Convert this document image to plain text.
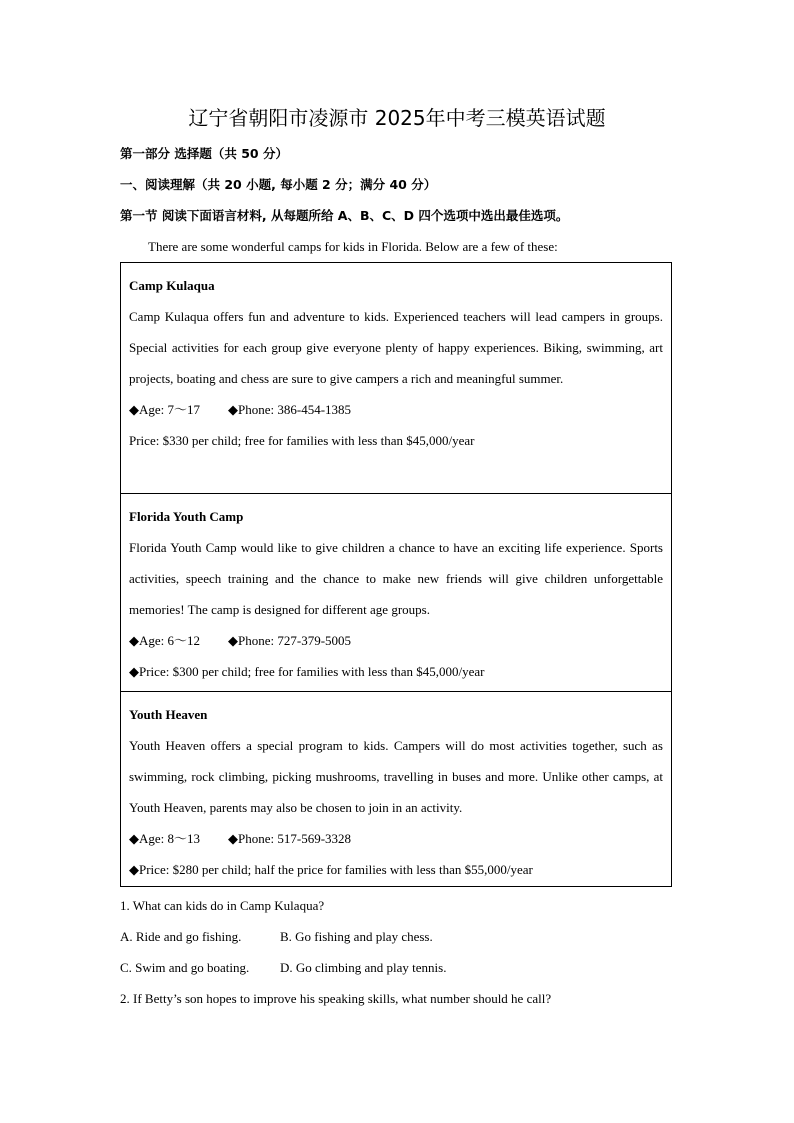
辽宁省朝阳市凌源市 2025年中考三模英语试题
第一部分 选择题（共 50 分）
一、阅读理解（共 20 小题, 每小题 2 分；满分 40 分）
第一节 阅读下面语言材料, 从每题所给 A、B、C、D 四个选项中选出最佳选项。
There are some wonderful camps for kids in Florida. Below are a few of these:
Camp Kulaqua
Camp Kulaqua offers fun and adventure to kids. Experienced teachers will lead campers in groups. Special activities for each group give everyone plenty of happy experiences. Biking, swimming, art projects, boating and chess are sure to give campers a rich and meaningful summer.
◆Age: 7～17 ◆Phone: 386-454-1385
Price: $330 per child; free for families with less than $45,000/year
Florida Youth Camp
Florida Youth Camp would like to give children a chance to have an exciting life experience. Sports activities, speech training and the chance to make new friends will give children unforgettable memories! The camp is designed for different age groups.
◆Age: 6～12 ◆Phone: 727-379-5005
◆Price: $300 per child; free for families with less than $45,000/year
Youth Heaven
Youth Heaven offers a special program to kids. Campers will do most activities together, such as swimming, rock climbing, picking mushrooms, travelling in buses and more. Unlike other camps, at Youth Heaven, parents may also be chosen to join in an activity.
◆Age: 8～13 ◆Phone: 517-569-3328
◆Price: $280 per child; half the price for families with less than $55,000/year
1. What can kids do in Camp Kulaqua?
A. Ride and go fishing.	B. Go fishing and play chess.
C. Swim and go boating. D. Go climbing and play tennis.
2. If Betty’s son hopes to improve his speaking skills, what number should he call?
